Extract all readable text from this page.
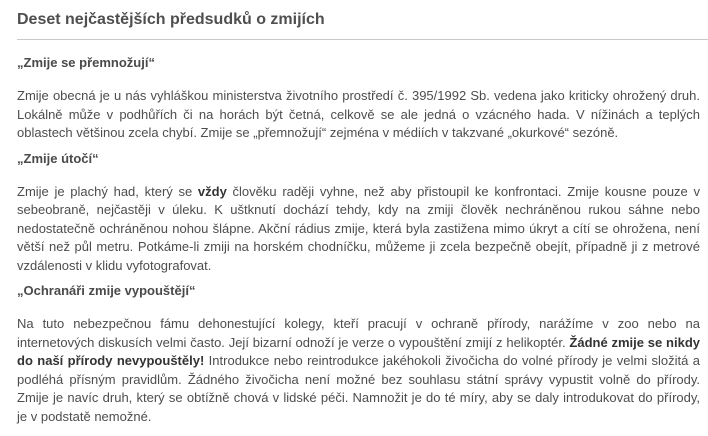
Deset nejčastějších předsudků o zmijích
„Zmije se přemnožují“

Zmije obecná je u nás vyhláškou ministerstva životního prostředí č. 395/1992 Sb. vedena jako kriticky ohrožený druh. Lokálně může v podhůřích či na horách být četná, celkově se ale jedná o vzácného hada. V nížinách a teplých oblastech většinou zcela chybí. Zmije se „přemnožují“ zejména v médiích v takzvané „okurkové“ sezóně.

„Zmije útočí“

Zmije je plachý had, který se vždy člověku raději vyhne, než aby přistoupil ke konfrontaci. Zmije kousne pouze v sebeobraně, nejčastěji v úleku. K uštknutí dochází tehdy, kdy na zmiji člověk nechráněnou rukou sáhne nebo nedostatečně ochráněnou nohou šlápne. Akční rádius zmije, která byla zastižena mimo úkryt a cítí se ohrožena, není větší než půl metru. Potkáme-li zmiji na horském chodníčku, můžeme ji zcela bezpečně obejít, případně ji z metrové vzdálenosti v klidu vyfotografovat.

„Ochranáři zmije vypouštějí“

Na tuto nebezpečnou fámu dehonestující kolegy, kteří pracují v ochraně přírody, narážíme v zoo nebo na internetových diskusích velmi často. Její bizarní odnoží je verze o vypouštění zmijí z helikoptér. Žádné zmije se nikdy do naší přírody nevypouštěly! Introdukce nebo reintrodukce jakéhokoli živočicha do volné přírody je velmi složitá a podléhá přísným pravidlům. Žádného živočicha není možné bez souhlasu státní správy vypustit volně do přírody. Zmije je navíc druh, který se obtížně chová v lidské péči. Namnožit je do té míry, aby se daly introdukovat do přírody, je v podstatě nemožné.
